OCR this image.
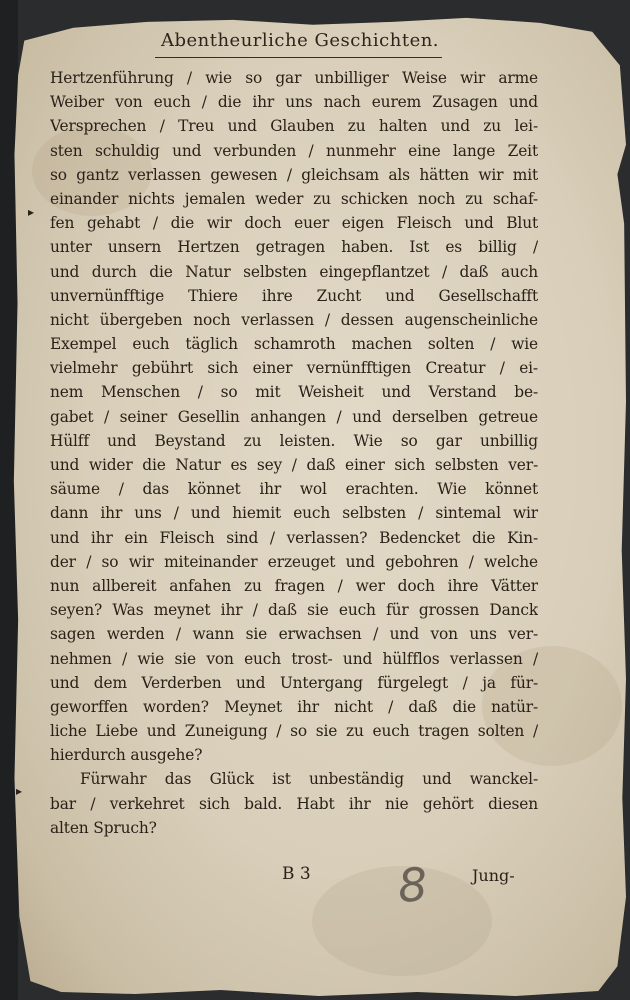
Abentheurliche Geschichten.
▸
▸
Hertzenführung / wie so gar unbilliger Weise wir arme
Weiber von euch / die ihr uns nach eurem Zusagen und
Versprechen / Treu und Glauben zu halten und zu lei-
sten schuldig und verbunden / nunmehr eine lange Zeit
so gantz verlassen gewesen / gleichsam als hätten wir mit
einander nichts jemalen weder zu schicken noch zu schaf-
fen gehabt / die wir doch euer eigen Fleisch und Blut
unter unsern Hertzen getragen haben. Ist es billig /
und durch die Natur selbsten eingepflantzet / daß auch
unvernünfftige Thiere ihre Zucht und Gesellschafft
nicht übergeben noch verlassen / dessen augenscheinliche
Exempel euch täglich schamroth machen solten / wie
vielmehr gebührt sich einer vernünfftigen Creatur / ei-
nem Menschen / so mit Weisheit und Verstand be-
gabet / seiner Gesellin anhangen / und derselben getreue
Hülff und Beystand zu leisten. Wie so gar unbillig
und wider die Natur es sey / daß einer sich selbsten ver-
säume / das könnet ihr wol erachten. Wie könnet
dann ihr uns / und hiemit euch selbsten / sintemal wir
und ihr ein Fleisch sind / verlassen? Bedencket die Kin-
der / so wir miteinander erzeuget und gebohren / welche
nun allbereit anfahen zu fragen / wer doch ihre Vätter
seyen? Was meynet ihr / daß sie euch für grossen Danck
sagen werden / wann sie erwachsen / und von uns ver-
nehmen / wie sie von euch trost- und hülfflos verlassen /
und dem Verderben und Untergang fürgelegt / ja für-
geworffen worden? Meynet ihr nicht / daß die natür-
liche Liebe und Zuneigung / so sie zu euch tragen solten /
hierdurch ausgehe?
Fürwahr das Glück ist unbeständig und wanckel-
bar / verkehret sich bald. Habt ihr nie gehört diesen
alten Spruch?
B 3 8	Jung-
